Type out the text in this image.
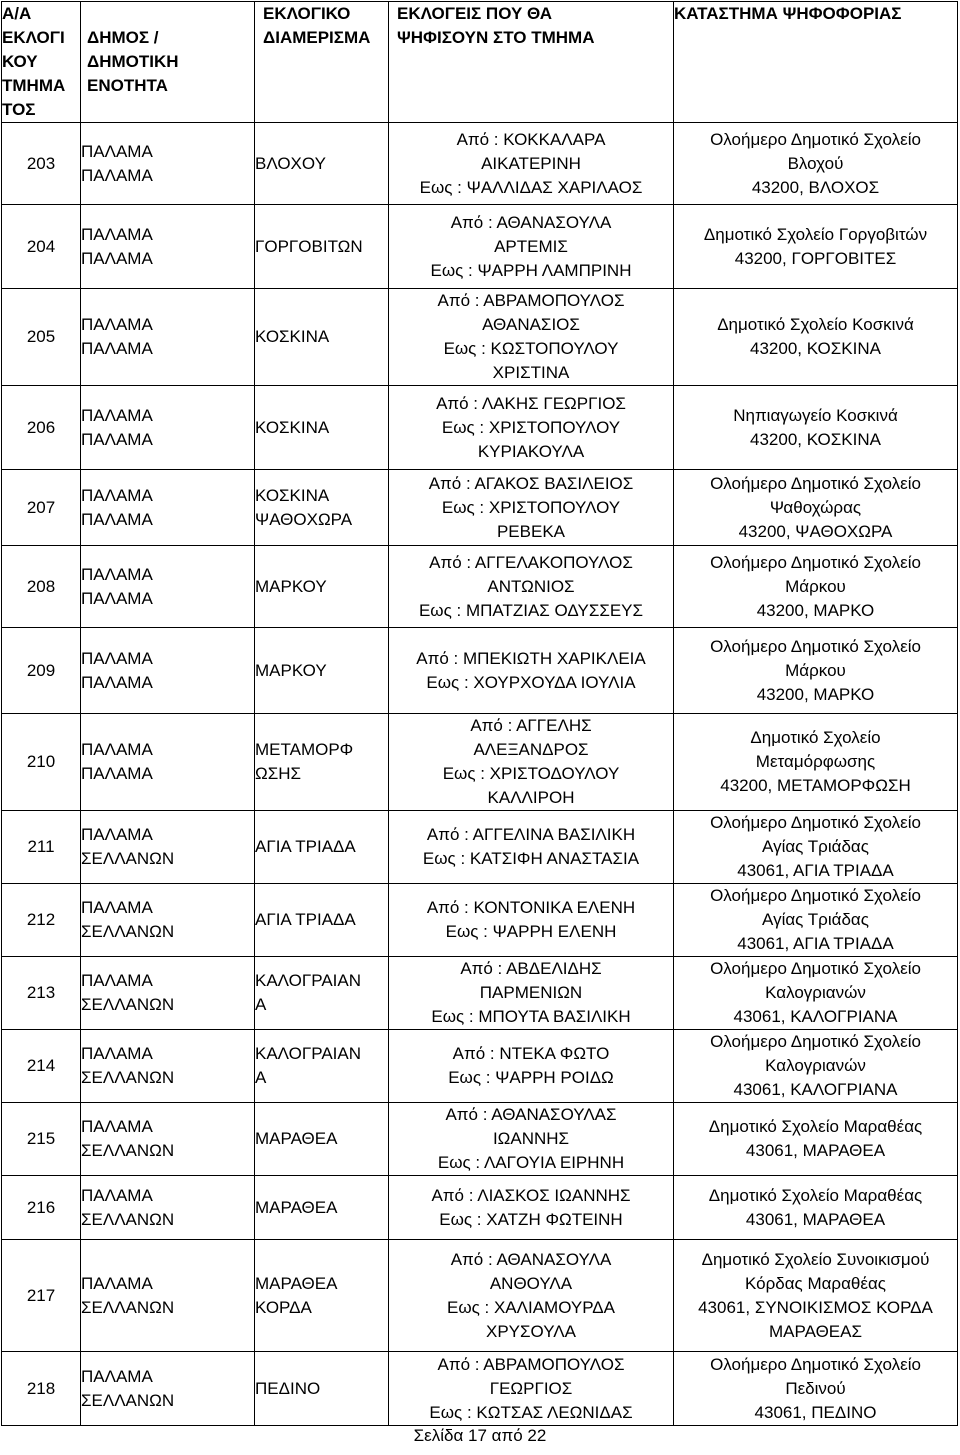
Α/Α
ΕΚΛΟΓΙ
ΚΟΥ
ΤΜΗΜΑ
ΤΟΣ	ΔΗΜΟΣ /
ΔΗΜΟΤΙΚΗ
ΕΝΟΤΗΤΑ	ΕΚΛΟΓΙΚΟ
ΔΙΑΜΕΡΙΣΜΑ	ΕΚΛΟΓΕΙΣ ΠΟΥ ΘΑ
ΨΗΦΙΣΟΥΝ ΣΤΟ ΤΜΗΜΑ	ΚΑΤΑΣΤΗΜΑ ΨΗΦΟΦΟΡΙΑΣ

203	ΠΑΛΑΜΑ
ΠΑΛΑΜΑ	ΒΛΟΧΟΥ	Από : ΚΟΚΚΑΛΑΡΑ
ΑΙΚΑΤΕΡΙΝΗ
Εως : ΨΑΛΛΙΔΑΣ ΧΑΡΙΛΑΟΣ	Ολοήμερο Δημοτικό Σχολείο
Βλοχού
43200, ΒΛΟΧΟΣ

204	ΠΑΛΑΜΑ
ΠΑΛΑΜΑ	ΓΟΡΓΟΒΙΤΩΝ	Από : ΑΘΑΝΑΣΟΥΛΑ
ΑΡΤΕΜΙΣ
Εως : ΨΑΡΡΗ ΛΑΜΠΡΙΝΗ	Δημοτικό Σχολείο Γοργοβιτών
43200, ΓΟΡΓΟΒΙΤΕΣ

205	ΠΑΛΑΜΑ
ΠΑΛΑΜΑ	ΚΟΣΚΙΝΑ	Από : ΑΒΡΑΜΟΠΟΥΛΟΣ
ΑΘΑΝΑΣΙΟΣ
Εως : ΚΩΣΤΟΠΟΥΛΟΥ
ΧΡΙΣΤΙΝΑ	Δημοτικό Σχολείο Κοσκινά
43200, ΚΟΣΚΙΝΑ

206	ΠΑΛΑΜΑ
ΠΑΛΑΜΑ	ΚΟΣΚΙΝΑ	Από : ΛΑΚΗΣ ΓΕΩΡΓΙΟΣ
Εως : ΧΡΙΣΤΟΠΟΥΛΟΥ
ΚΥΡΙΑΚΟΥΛΑ	Νηπιαγωγείο Κοσκινά
43200, ΚΟΣΚΙΝΑ

207	ΠΑΛΑΜΑ
ΠΑΛΑΜΑ	ΚΟΣΚΙΝΑ
ΨΑΘΟΧΩΡΑ	Από : ΑΓΑΚΟΣ ΒΑΣΙΛΕΙΟΣ
Εως : ΧΡΙΣΤΟΠΟΥΛΟΥ
ΡΕΒΕΚΑ	Ολοήμερο Δημοτικό Σχολείο
Ψαθοχώρας
43200, ΨΑΘΟΧΩΡΑ

208	ΠΑΛΑΜΑ
ΠΑΛΑΜΑ	ΜΑΡΚΟΥ	Από : ΑΓΓΕΛΑΚΟΠΟΥΛΟΣ
ΑΝΤΩΝΙΟΣ
Εως : ΜΠΑΤΖΙΑΣ ΟΔΥΣΣΕΥΣ	Ολοήμερο Δημοτικό Σχολείο
Μάρκου
43200, ΜΑΡΚΟ

209	ΠΑΛΑΜΑ
ΠΑΛΑΜΑ	ΜΑΡΚΟΥ	Από : ΜΠΕΚΙΩΤΗ ΧΑΡΙΚΛΕΙΑ
Εως : ΧΟΥΡΧΟΥΔΑ ΙΟΥΛΙΑ	Ολοήμερο Δημοτικό Σχολείο
Μάρκου
43200, ΜΑΡΚΟ

210	ΠΑΛΑΜΑ
ΠΑΛΑΜΑ	ΜΕΤΑΜΟΡΦ
ΩΣΗΣ	Από : ΑΓΓΕΛΗΣ
ΑΛΕΞΑΝΔΡΟΣ
Εως : ΧΡΙΣΤΟΔΟΥΛΟΥ
ΚΑΛΛΙΡΟΗ	Δημοτικό Σχολείο
Μεταμόρφωσης
43200, ΜΕΤΑΜΟΡΦΩΣΗ

211	ΠΑΛΑΜΑ
ΣΕΛΛΑΝΩΝ	ΑΓΙΑ ΤΡΙΑΔΑ	Από : ΑΓΓΕΛΙΝΑ ΒΑΣΙΛΙΚΗ
Εως : ΚΑΤΣΙΦΗ ΑΝΑΣΤΑΣΙΑ	Ολοήμερο Δημοτικό Σχολείο
Αγίας Τριάδας
43061, ΑΓΙΑ ΤΡΙΑΔΑ

212	ΠΑΛΑΜΑ
ΣΕΛΛΑΝΩΝ	ΑΓΙΑ ΤΡΙΑΔΑ	Από : ΚΟΝΤΟΝΙΚΑ ΕΛΕΝΗ
Εως : ΨΑΡΡΗ ΕΛΕΝΗ	Ολοήμερο Δημοτικό Σχολείο
Αγίας Τριάδας
43061, ΑΓΙΑ ΤΡΙΑΔΑ

213	ΠΑΛΑΜΑ
ΣΕΛΛΑΝΩΝ	ΚΑΛΟΓΡΑΙΑΝ
Α	Από : ΑΒΔΕΛΙΔΗΣ
ΠΑΡΜΕΝΙΩΝ
Εως : ΜΠΟΥΤΑ ΒΑΣΙΛΙΚΗ	Ολοήμερο Δημοτικό Σχολείο
Καλογριανών
43061, ΚΑΛΟΓΡΙΑΝΑ

214	ΠΑΛΑΜΑ
ΣΕΛΛΑΝΩΝ	ΚΑΛΟΓΡΑΙΑΝ
Α	Από : ΝΤΕΚΑ ΦΩΤΟ
Εως : ΨΑΡΡΗ ΡΟΙΔΩ	Ολοήμερο Δημοτικό Σχολείο
Καλογριανών
43061, ΚΑΛΟΓΡΙΑΝΑ

215	ΠΑΛΑΜΑ
ΣΕΛΛΑΝΩΝ	ΜΑΡΑΘΕΑ	Από : ΑΘΑΝΑΣΟΥΛΑΣ
ΙΩΑΝΝΗΣ
Εως : ΛΑΓΟΥΙΑ ΕΙΡΗΝΗ	Δημοτικό Σχολείο Μαραθέας
43061, ΜΑΡΑΘΕΑ

216	ΠΑΛΑΜΑ
ΣΕΛΛΑΝΩΝ	ΜΑΡΑΘΕΑ	Από : ΛΙΑΣΚΟΣ ΙΩΑΝΝΗΣ
Εως : ΧΑΤΖΗ ΦΩΤΕΙΝΗ	Δημοτικό Σχολείο Μαραθέας
43061, ΜΑΡΑΘΕΑ

217	ΠΑΛΑΜΑ
ΣΕΛΛΑΝΩΝ	ΜΑΡΑΘΕΑ
ΚΟΡΔΑ	Από : ΑΘΑΝΑΣΟΥΛΑ
ΑΝΘΟΥΛΑ
Εως : ΧΑΛΙΑΜΟΥΡΔΑ
ΧΡΥΣΟΥΛΑ	Δημοτικό Σχολείο Συνοικισμού
Κόρδας Μαραθέας
43061, ΣΥΝΟΙΚΙΣΜΟΣ ΚΟΡΔΑ
ΜΑΡΑΘΕΑΣ

218	ΠΑΛΑΜΑ
ΣΕΛΛΑΝΩΝ	ΠΕΔΙΝΟ	Από : ΑΒΡΑΜΟΠΟΥΛΟΣ
ΓΕΩΡΓΙΟΣ
Εως : ΚΩΤΣΑΣ ΛΕΩΝΙΔΑΣ	Ολοήμερο Δημοτικό Σχολείο
Πεδινού
43061, ΠΕΔΙΝΟ
Σελίδα 17 από 22
